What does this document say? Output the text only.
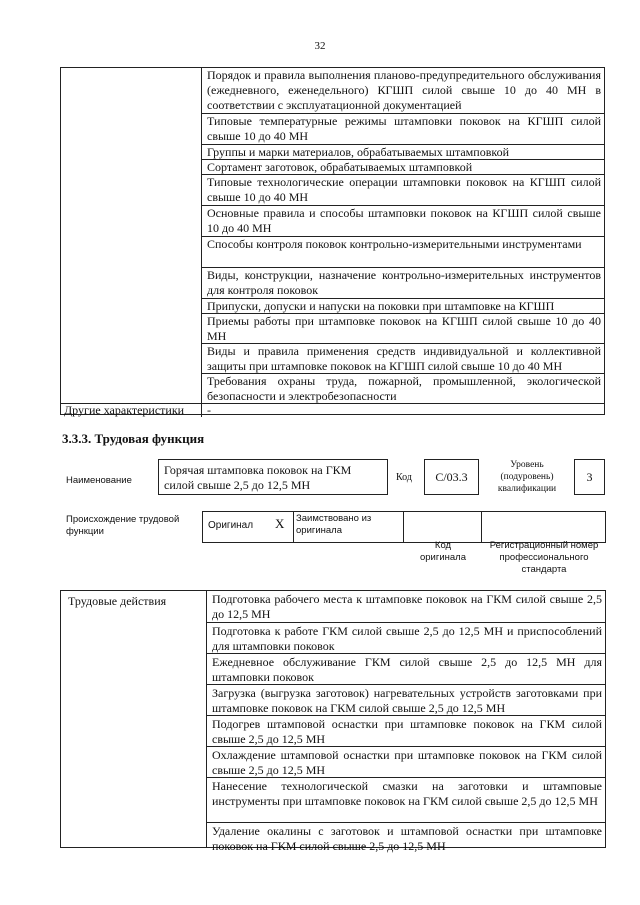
32
Порядок и правила выполнения планово-предупредительного обслуживания (ежедневного, еженедельного) КГШП силой свыше 10 до 40 МН в соответствии с эксплуатационной документацией
Типовые температурные режимы штамповки поковок на КГШП силой свыше 10 до 40 МН
Группы и марки материалов, обрабатываемых штамповкой
Сортамент заготовок, обрабатываемых штамповкой
Типовые технологические операции штамповки поковок на КГШП силой свыше 10 до 40 МН
Основные правила и способы штамповки поковок на КГШП силой свыше 10 до 40 МН
Способы контроля поковок контрольно-измерительными инструментами
Виды, конструкции, назначение контрольно-измерительных инструментов для контроля поковок
Припуски, допуски и напуски на поковки при штамповке на КГШП
Приемы работы при штамповке поковок на КГШП силой свыше 10 до 40 МН
Виды и правила применения средств индивидуальной и коллективной защиты при штамповке поковок на КГШП силой свыше 10 до 40 МН
Требования охраны труда, пожарной, промышленной, экологической безопасности и электробезопасности
Другие характеристики -
3.3.3. Трудовая функция
Наименование
Горячая штамповка поковок на ГКМ силой свыше 2,5 до 12,5 МН
Код	С/03.3
Уровень (подуровень) квалификации
3
Происхождение трудовой функции
Оригинал X Заимствовано из оригинала
Код оригинала
Регистрационный номер профессионального стандарта
Трудовые действия	Подготовка рабочего места к штамповке поковок на ГКМ силой свыше 2,5 до 12,5 МН
Подготовка к работе ГКМ силой свыше 2,5 до 12,5 МН и приспособлений для штамповки поковок
Ежедневное обслуживание ГКМ силой свыше 2,5 до 12,5 МН для штамповки поковок
Загрузка (выгрузка заготовок) нагревательных устройств заготовками при штамповке поковок на ГКМ силой свыше 2,5 до 12,5 МН
Подогрев штамповой оснастки при штамповке поковок на ГКМ силой свыше 2,5 до 12,5 МН
Охлаждение штамповой оснастки при штамповке поковок на ГКМ силой свыше 2,5 до 12,5 МН
Нанесение технологической смазки на заготовки и штамповые инструменты при штамповке поковок на ГКМ силой свыше 2,5 до 12,5 МН
Удаление окалины с заготовок и штамповой оснастки при штамповке поковок на ГКМ силой свыше 2,5 до 12,5 МН
